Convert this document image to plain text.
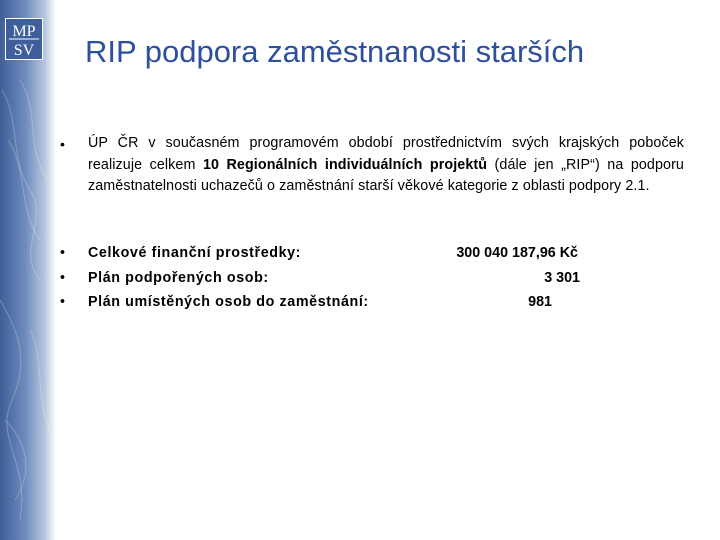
MP
SV RIP podpora zaměstnanosti starších
• ÚP ČR v současném programovém období prostřednictvím svých krajských poboček realizuje celkem 10 Regionálních individuálních projektů (dále jen „RIP“) na podporu zaměstnatelnosti uchazečů o zaměstnání starší věkové kategorie z oblasti podpory 2.1.
• Celkové finanční prostředky:	300 040 187,96 Kč
• Plán podpořených osob:	3 301
• Plán umístěných osob do zaměstnání:	981
